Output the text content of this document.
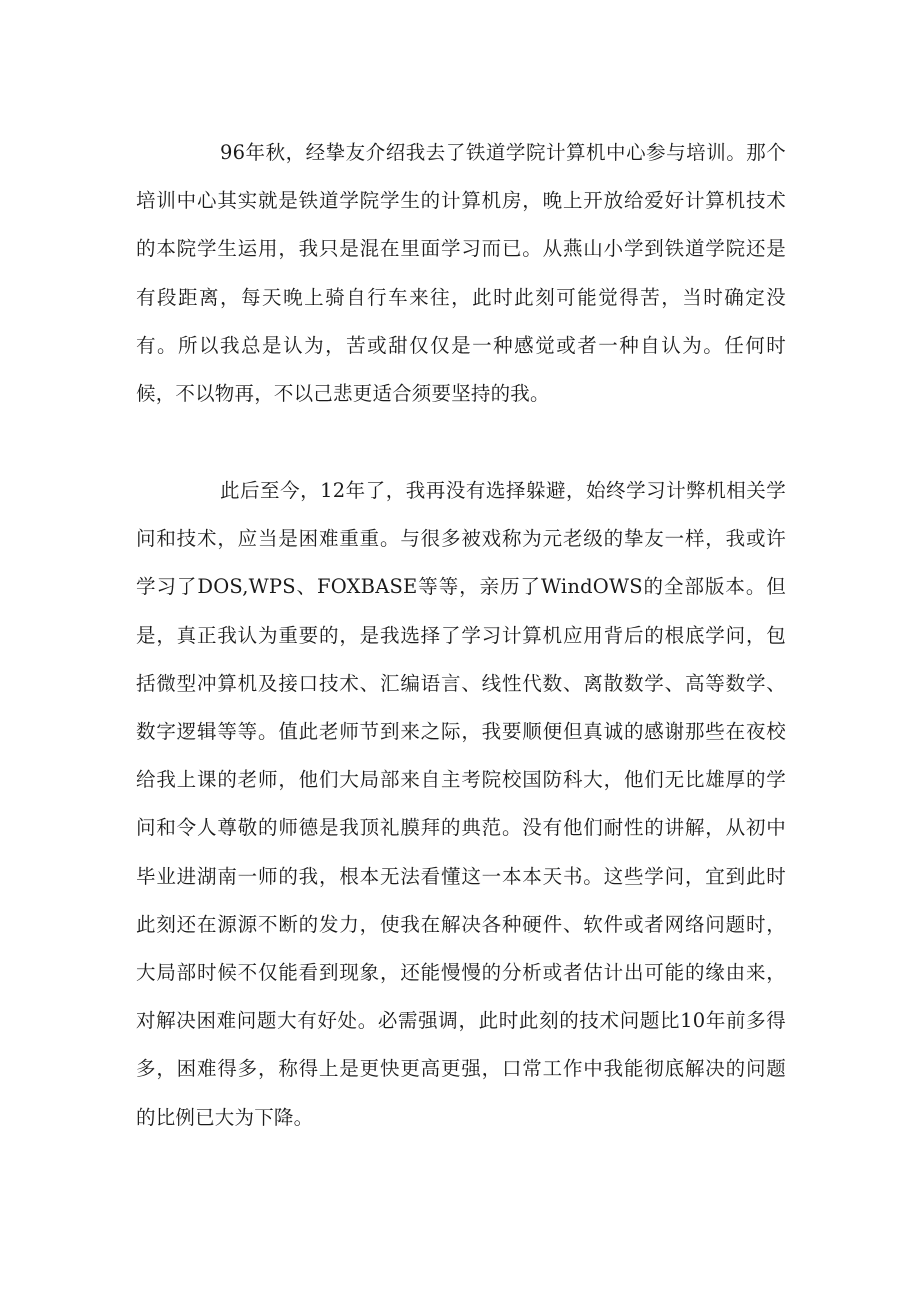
96年秋，经挚友介绍我去了铁道学院计算机中心参与培训。那个培训中心其实就是铁道学院学生的计算机房，晚上开放给爱好计算机技术的本院学生运用，我只是混在里面学习而已。从燕山小学到铁道学院还是有段距离，每天晚上骑自行车来往，此时此刻可能觉得苦，当时确定没有。所以我总是认为，苦或甜仅仅是一种感觉或者一种自认为。任何时候，不以物再，不以己悲更适合须要坚持的我。

此后至今，12年了，我再没有选择躲避，始终学习计弊机相关学问和技术，应当是困难重重。与很多被戏称为元老级的挚友一样，我或许学习了DOS,WPS、FOXBASE等等，亲历了WindOWS的全部版本。但是，真正我认为重要的，是我选择了学习计算机应用背后的根底学问，包括微型冲算机及接口技术、汇编语言、线性代数、离散数学、高等数学、数字逻辑等等。值此老师节到来之际，我要顺便但真诚的感谢那些在夜校给我上课的老师，他们大局部来自主考院校国防科大，他们无比雄厚的学问和令人尊敬的师德是我顶礼膜拜的典范。没有他们耐性的讲解，从初中毕业进湖南一师的我，根本无法看懂这一本本天书。这些学问，宜到此时此刻还在源源不断的发力，使我在解决各种硬件、软件或者网络问题时，大局部时候不仅能看到现象，还能慢慢的分析或者估计出可能的缘由来，对解决困难问题大有好处。必需强调，此时此刻的技术问题比10年前多得多，困难得多，称得上是更快更高更强，口常工作中我能彻底解决的问题的比例已大为下降。
